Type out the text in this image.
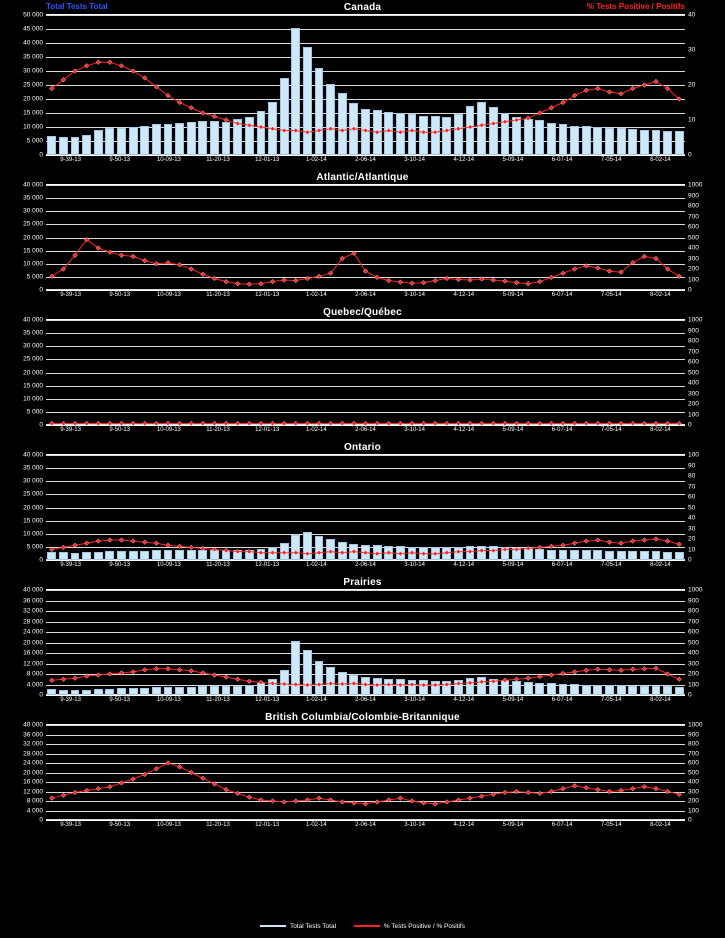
Total Tests Total	% Tests Positive / Positifs
Canada
0
5 000
10 000
15 000
20 000
25 000
30 000
35 000
40 000
45 000
50 000
0
10
20
30
40
9-39-13	9-50-13	10-09-13	11-20-13	12-01-13	1-02-14	2-06-14	3-10-14	4-12-14	5-09-14	6-07-14	7-05-14	8-02-14
Atlantic/Atlantique
0
5 000
10 000
15 000
20 000
25 000
30 000
35 000
40 000
0
100
200
300
400
500
600
700
800
900
1000
9-39-13	9-50-13	10-09-13	11-20-13	12-01-13	1-02-14	2-06-14	3-10-14	4-12-14	5-09-14	6-07-14	7-05-14	8-02-14
Quebec/Québec
0
5 000
10 000
15 000
20 000
25 000
30 000
35 000
40 000
0
100
200
300
400
500
600
700
800
900
1000
9-39-13	9-50-13	10-09-13	11-20-13	12-01-13	1-02-14	2-06-14	3-10-14	4-12-14	5-09-14	6-07-14	7-05-14	8-02-14
Ontario
0
5 000
10 000
15 000
20 000
25 000
30 000
35 000
40 000
0
10
20
30
40
50
60
70
80
90
100
9-39-13	9-50-13	10-09-13	11-20-13	12-01-13	1-02-14	2-06-14	3-10-14	4-12-14	5-09-14	6-07-14	7-05-14	8-02-14
Prairies
0
4 000
8 000
12 000
16 000
20 000
24 000
28 000
32 000
36 000
40 000
0
100
200
300
400
500
600
700
800
900
1000
9-39-13	9-50-13	10-09-13	11-20-13	12-01-13	1-02-14	2-06-14	3-10-14	4-12-14	5-09-14	6-07-14	7-05-14	8-02-14
British Columbia/Colombie-Britannique
0
4 000
8 000
12 000
16 000
20 000
24 000
28 000
32 000
36 000
40 000
0
100
200
300
400
500
600
700
800
900
1000
9-39-13	9-50-13	10-09-13	11-20-13	12-01-13	1-02-14	2-06-14	3-10-14	4-12-14	5-09-14	6-07-14	7-05-14	8-02-14
Total Tests Total	% Tests Positive / % Positifs
